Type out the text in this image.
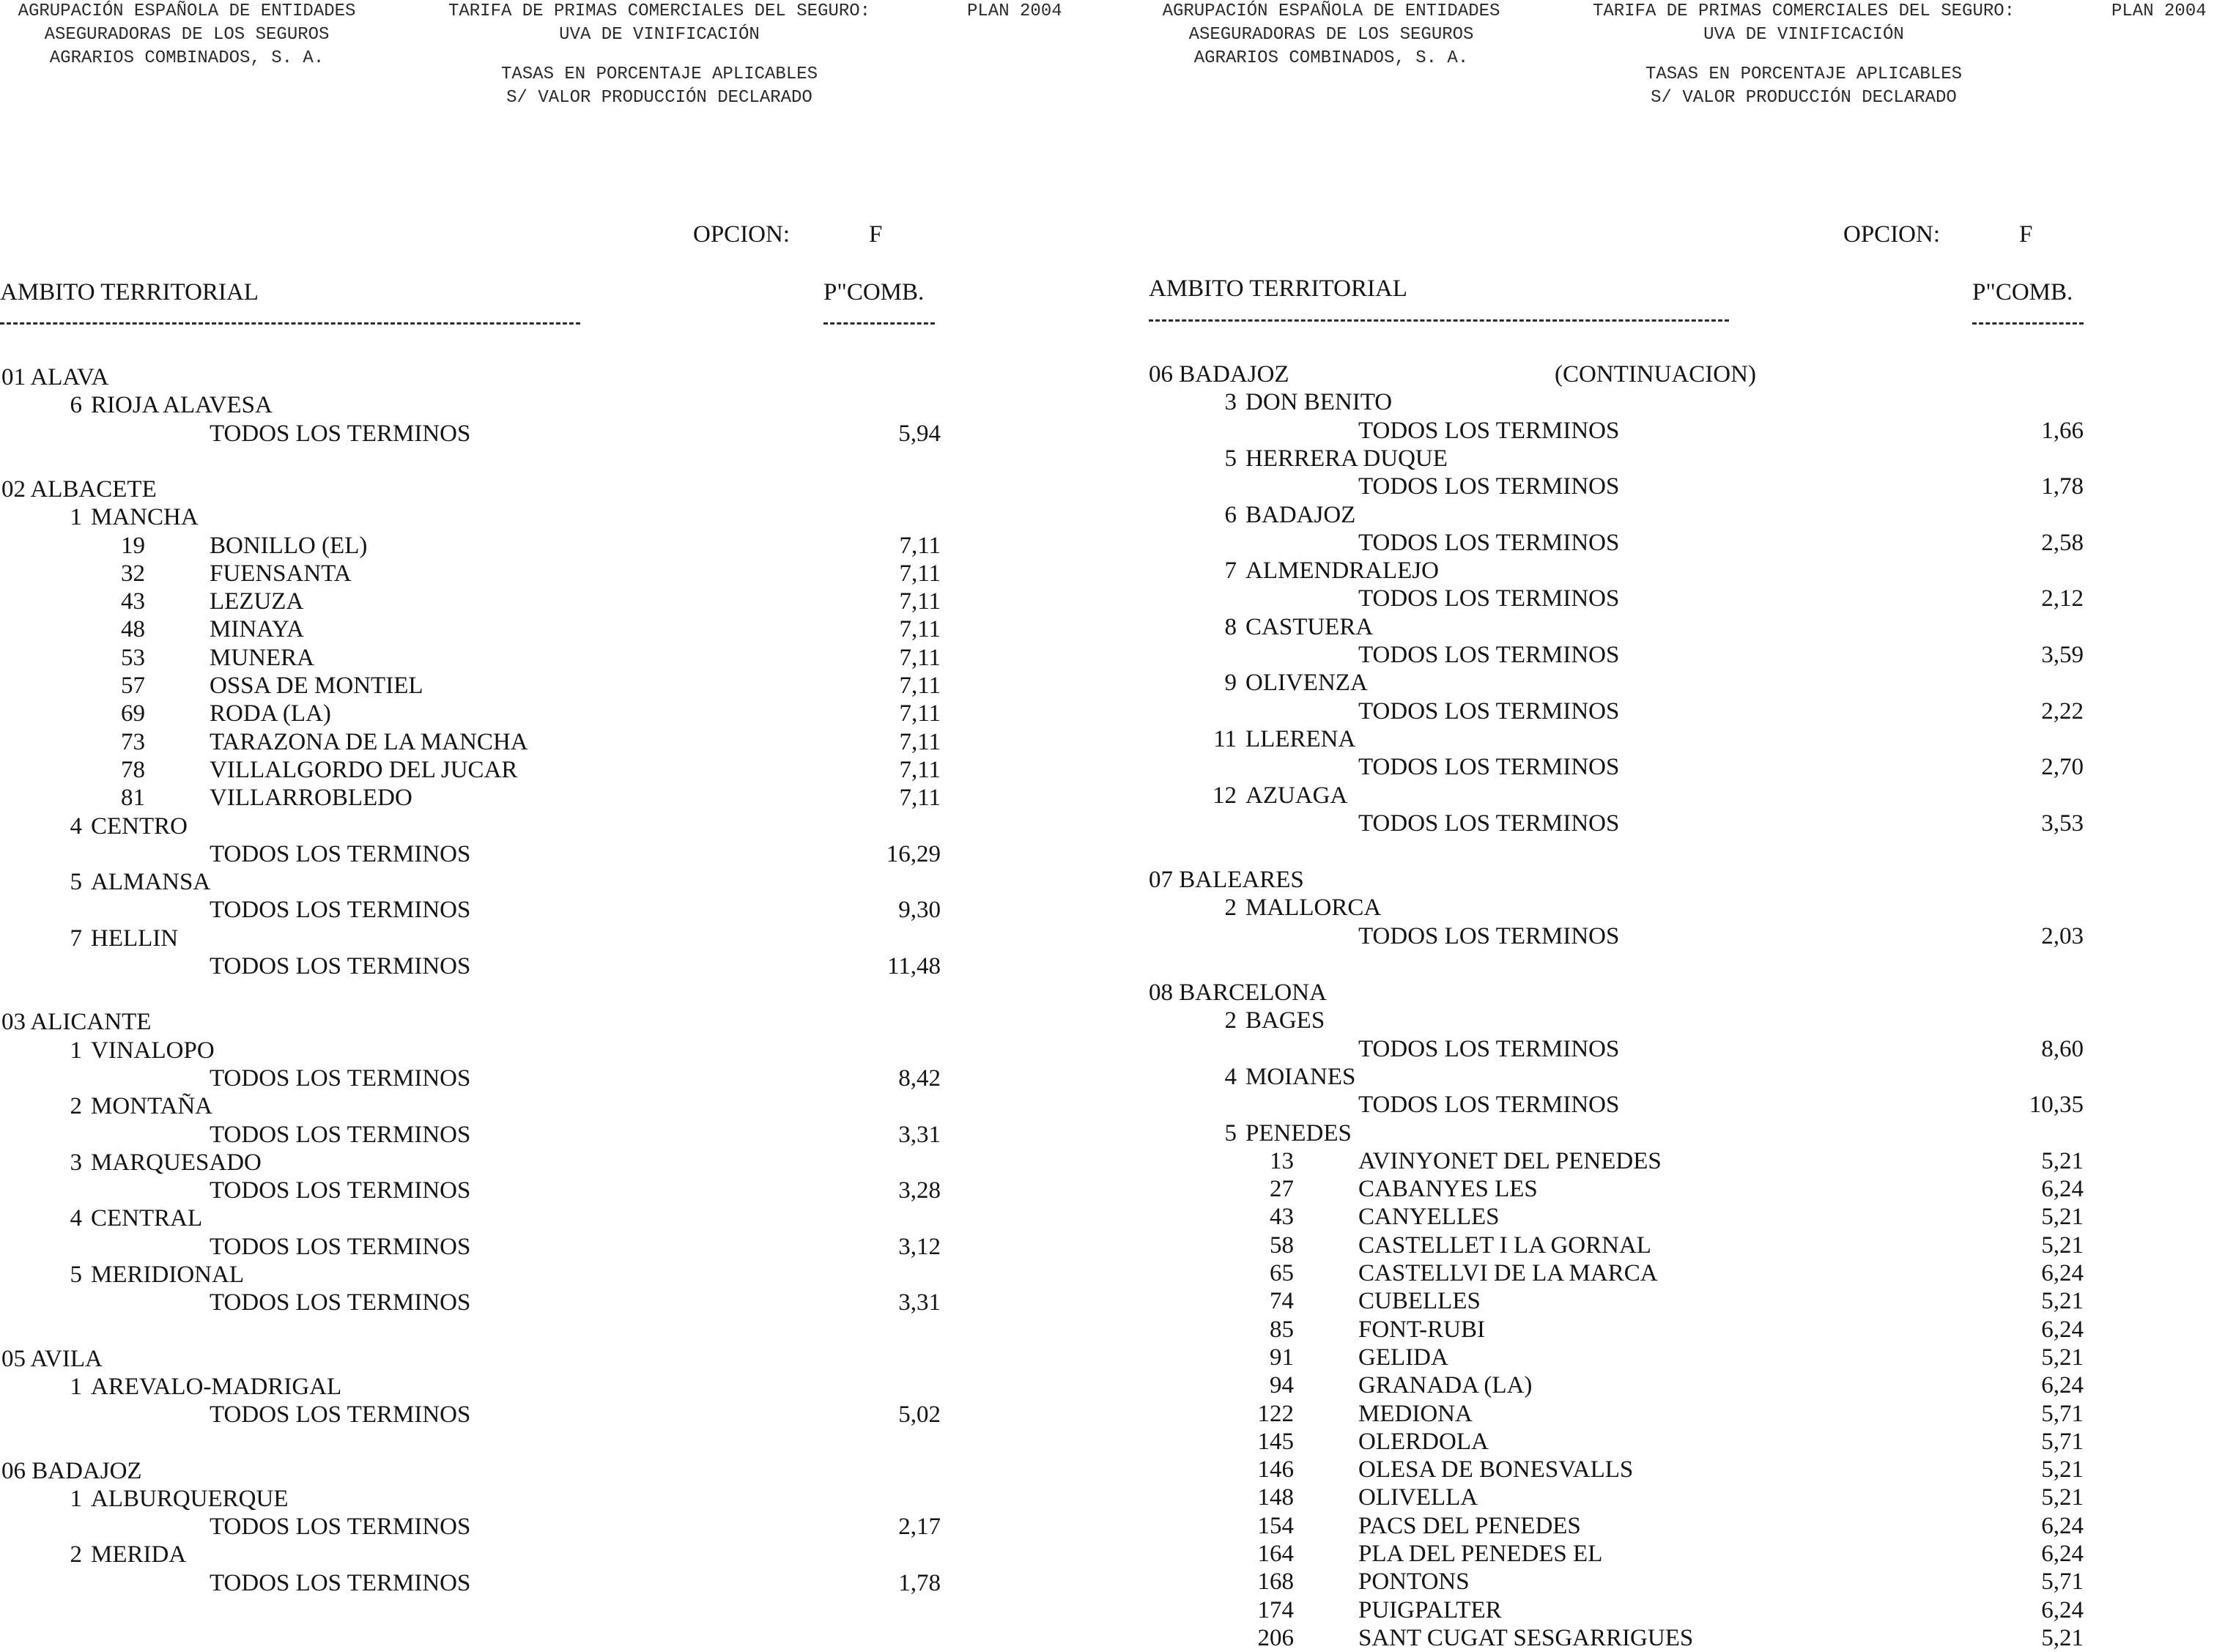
AGRUPACIÓN ESPAÑOLA DE ENTIDADES
ASEGURADORAS DE LOS SEGUROS
AGRARIOS COMBINADOS, S. A.
TARIFA DE PRIMAS COMERCIALES DEL SEGURO:
UVA DE VINIFICACIÓN
PLAN 2004
TASAS EN PORCENTAJE APLICABLES
S/ VALOR PRODUCCIÓN DECLARADO
OPCION:	F
AMBITO TERRITORIAL	P"COMB.
01 ALAVA
6 RIOJA ALAVESA
TODOS LOS TERMINOS	5,94
02 ALBACETE
1 MANCHA
19	BONILLO (EL)	7,11
32	FUENSANTA	7,11
43	LEZUZA	7,11
48	MINAYA	7,11
53	MUNERA	7,11
57	OSSA DE MONTIEL	7,11
69	RODA (LA)	7,11
73	TARAZONA DE LA MANCHA	7,11
78	VILLALGORDO DEL JUCAR	7,11
81	VILLARROBLEDO	7,11
4 CENTRO
TODOS LOS TERMINOS	16,29
5 ALMANSA
TODOS LOS TERMINOS	9,30
7 HELLIN
TODOS LOS TERMINOS	11,48
03 ALICANTE
1 VINALOPO
TODOS LOS TERMINOS	8,42
2 MONTAÑA
TODOS LOS TERMINOS	3,31
3 MARQUESADO
TODOS LOS TERMINOS	3,28
4 CENTRAL
TODOS LOS TERMINOS	3,12
5 MERIDIONAL
TODOS LOS TERMINOS	3,31
05 AVILA
1 AREVALO-MADRIGAL
TODOS LOS TERMINOS	5,02
06 BADAJOZ
1 ALBURQUERQUE
TODOS LOS TERMINOS	2,17
2 MERIDA
TODOS LOS TERMINOS	1,78
AGRUPACIÓN ESPAÑOLA DE ENTIDADES
ASEGURADORAS DE LOS SEGUROS
AGRARIOS COMBINADOS, S. A.
TARIFA DE PRIMAS COMERCIALES DEL SEGURO:
UVA DE VINIFICACIÓN
PLAN 2004
TASAS EN PORCENTAJE APLICABLES
S/ VALOR PRODUCCIÓN DECLARADO
OPCION:	F
AMBITO TERRITORIAL	P"COMB.
06 BADAJOZ	(CONTINUACION)
3 DON BENITO
TODOS LOS TERMINOS	1,66
5 HERRERA DUQUE
TODOS LOS TERMINOS	1,78
6 BADAJOZ
TODOS LOS TERMINOS	2,58
7 ALMENDRALEJO
TODOS LOS TERMINOS	2,12
8 CASTUERA
TODOS LOS TERMINOS	3,59
9 OLIVENZA
TODOS LOS TERMINOS	2,22
11 LLERENA
TODOS LOS TERMINOS	2,70
12 AZUAGA
TODOS LOS TERMINOS	3,53
07 BALEARES
2 MALLORCA
TODOS LOS TERMINOS	2,03
08 BARCELONA
2 BAGES
TODOS LOS TERMINOS	8,60
4 MOIANES
TODOS LOS TERMINOS	10,35
5 PENEDES
13	AVINYONET DEL PENEDES	5,21
27	CABANYES LES	6,24
43	CANYELLES	5,21
58	CASTELLET I LA GORNAL	5,21
65	CASTELLVI DE LA MARCA	6,24
74	CUBELLES	5,21
85	FONT-RUBI	6,24
91	GELIDA	5,21
94	GRANADA (LA)	6,24
122	MEDIONA	5,71
145	OLERDOLA	5,71
146	OLESA DE BONESVALLS	5,21
148	OLIVELLA	5,21
154	PACS DEL PENEDES	6,24
164	PLA DEL PENEDES EL	6,24
168	PONTONS	5,71
174	PUIGPALTER	6,24
206	SANT CUGAT SESGARRIGUES	5,21
